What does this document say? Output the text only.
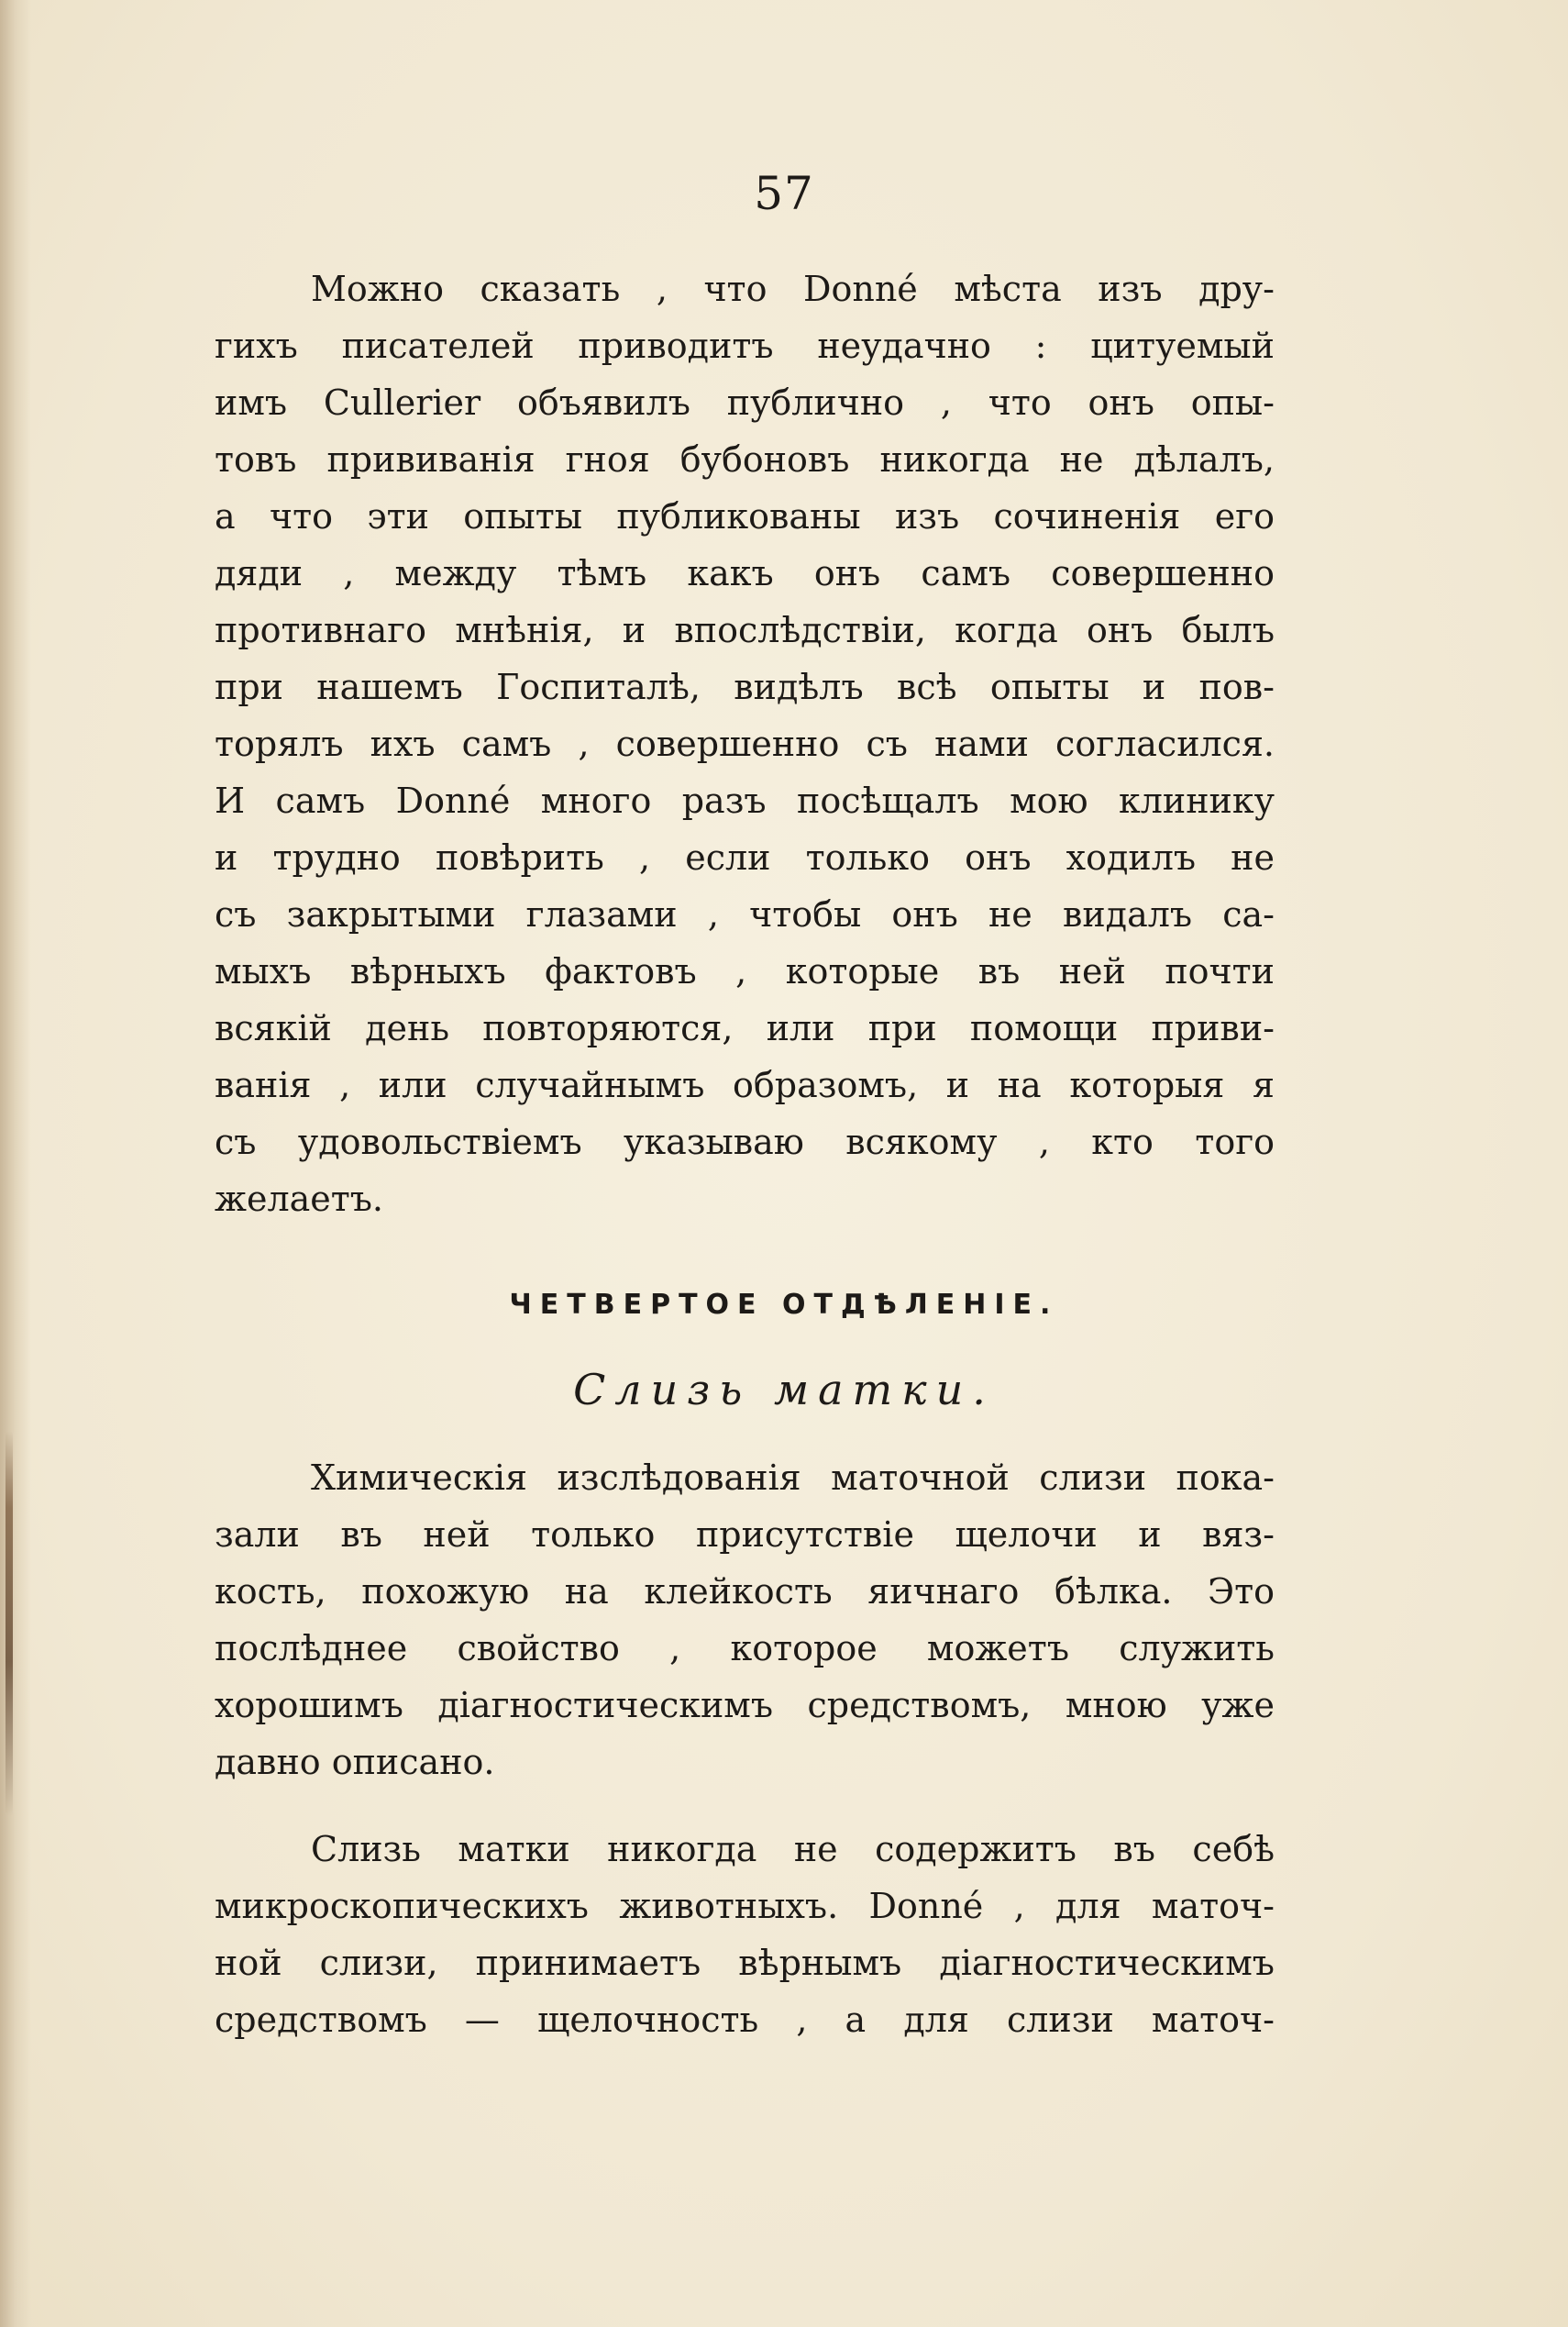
57
Можно сказать , что Donné мѣста изъ дру-
гихъ писателей приводитъ неудачно : цитуемый
имъ Cullerier объявилъ публично , что онъ опы-
товъ прививанія гноя бубоновъ никогда не дѣлалъ,
а что эти опыты публикованы изъ сочиненія его
дяди , между тѣмъ какъ онъ самъ совершенно
противнаго мнѣнія, и впослѣдствіи, когда онъ былъ
при нашемъ Госпиталѣ, видѣлъ всѣ опыты и пов-
торялъ ихъ самъ , совершенно съ нами согласился.
И самъ Donné много разъ посѣщалъ мою клинику
и трудно повѣрить , если только онъ ходилъ не
съ закрытыми глазами , чтобы онъ не видалъ са-
мыхъ вѣрныхъ фактовъ , которые въ ней почти
всякій день повторяются, или при помощи приви-
ванія , или случайнымъ образомъ, и на которыя я
съ удовольствіемъ указываю всякому , кто того
желаетъ.
ЧЕТВЕРТОЕ ОТДѢЛЕНІЕ.
Слизь матки.
Химическія изслѣдованія маточной слизи пока-
зали въ ней только присутствіе щелочи и вяз-
кость, похожую на клейкость яичнаго бѣлка. Это
послѣднее свойство , которое можетъ служить
хорошимъ діагностическимъ средствомъ, мною уже
давно описано.
Слизь матки никогда не содержитъ въ себѣ
микроскопическихъ животныхъ. Donné , для маточ-
ной слизи, принимаетъ вѣрнымъ діагностическимъ
средствомъ — щелочность , а для слизи маточ-
